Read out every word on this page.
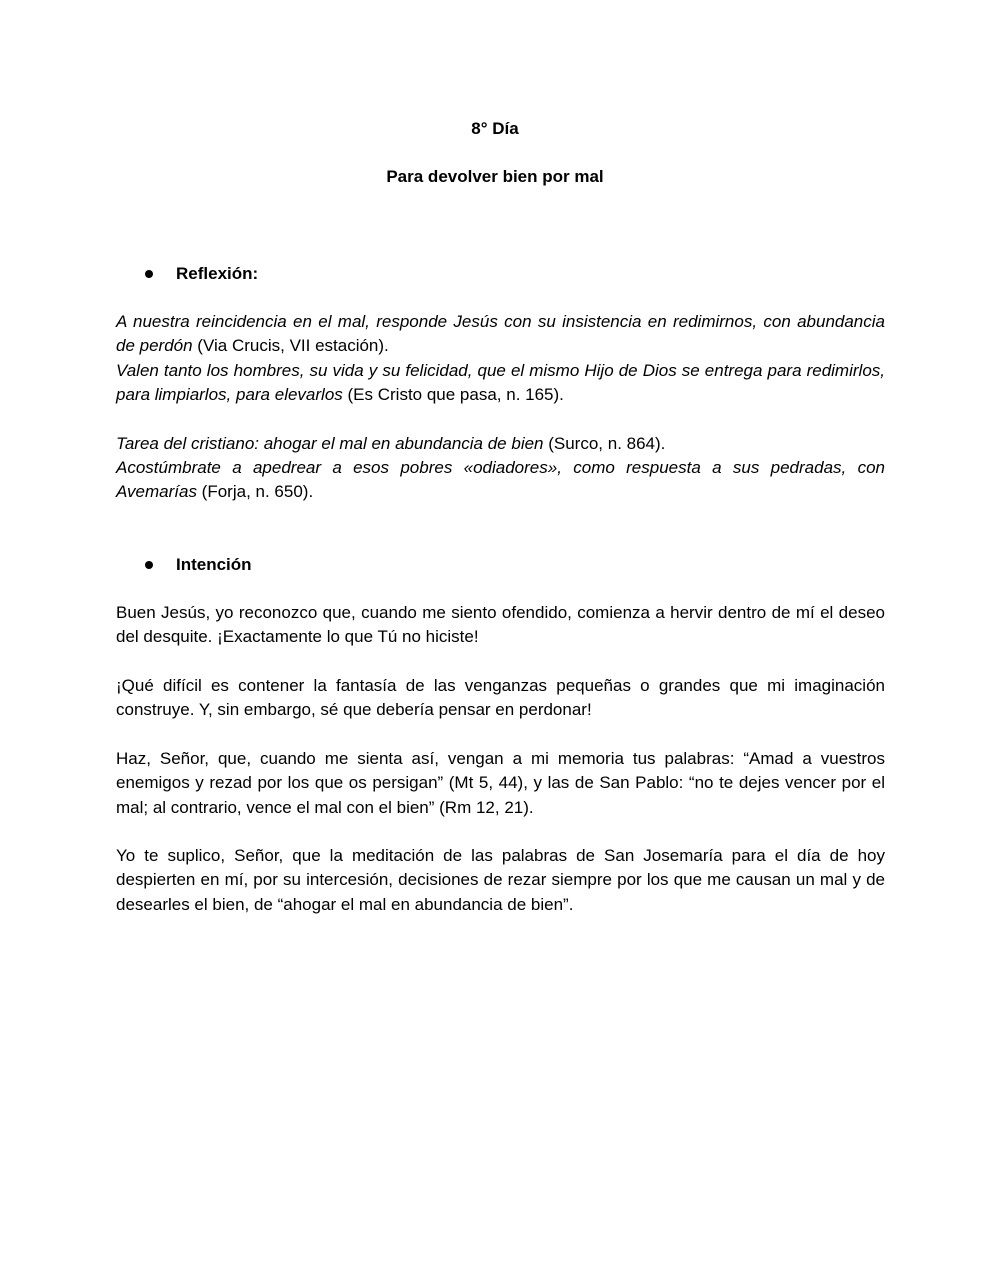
8° Día
Para devolver bien por mal
Reflexión:

A nuestra reincidencia en el mal, responde Jesús con su insistencia en redimirnos, con abundancia de perdón (Via Crucis, VII estación).

Valen tanto los hombres, su vida y su felicidad, que el mismo Hijo de Dios se entrega para redimirlos, para limpiarlos, para elevarlos (Es Cristo que pasa, n. 165).

Tarea del cristiano: ahogar el mal en abundancia de bien (Surco, n. 864).

Acostúmbrate a apedrear a esos pobres «odiadores», como respuesta a sus pedradas, con Avemarías (Forja, n. 650).

Intención

Buen Jesús, yo reconozco que, cuando me siento ofendido, comienza a hervir dentro de mí el deseo del desquite. ¡Exactamente lo que Tú no hiciste!

¡Qué difícil es contener la fantasía de las venganzas pequeñas o grandes que mi imaginación construye. Y, sin embargo, sé que debería pensar en perdonar!

Haz, Señor, que, cuando me sienta así, vengan a mi memoria tus palabras: “Amad a vuestros enemigos y rezad por los que os persigan” (Mt 5, 44), y las de San Pablo: “no te dejes vencer por el mal; al contrario, vence el mal con el bien” (Rm 12, 21).

Yo te suplico, Señor, que la meditación de las palabras de San Josemaría para el día de hoy despierten en mí, por su intercesión, decisiones de rezar siempre por los que me causan un mal y de desearles el bien, de “ahogar el mal en abundancia de bien”.
